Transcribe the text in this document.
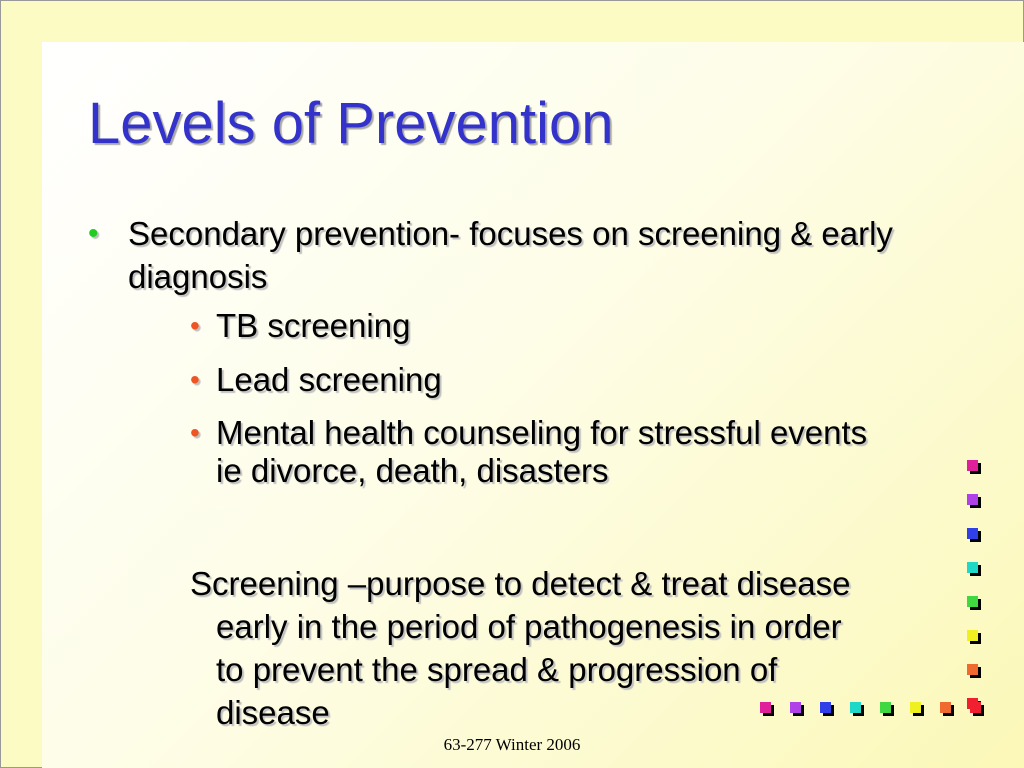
Levels of Prevention
• Secondary prevention- focuses on screening & early diagnosis
• TB screening
• Lead screening
• Mental health counseling for stressful events ie divorce, death, disasters
Screening –purpose to detect & treat disease early in the period of pathogenesis in order to prevent the spread & progression of disease
63-277 Winter 2006
